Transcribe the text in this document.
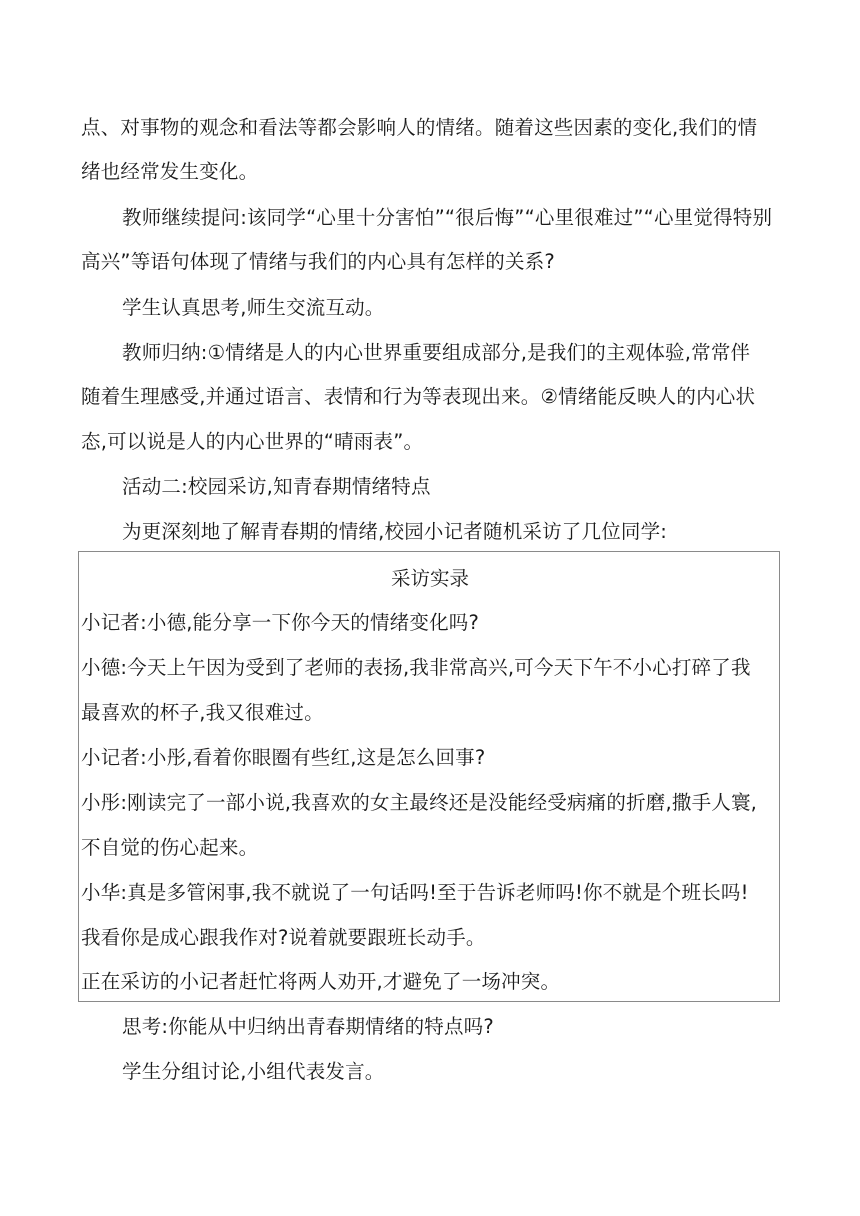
点、对事物的观念和看法等都会影响人的情绪。随着这些因素的变化,我们的情
绪也经常发生变化。
教师继续提问:该同学“心里十分害怕”“很后悔”“心里很难过”“心里觉得特别
高兴”等语句体现了情绪与我们的内心具有怎样的关系?
学生认真思考,师生交流互动。
教师归纳:①情绪是人的内心世界重要组成部分,是我们的主观体验,常常伴
随着生理感受,并通过语言、表情和行为等表现出来。②情绪能反映人的内心状
态,可以说是人的内心世界的“晴雨表”。
活动二:校园采访,知青春期情绪特点
为更深刻地了解青春期的情绪,校园小记者随机采访了几位同学:
采访实录
小记者:小德,能分享一下你今天的情绪变化吗?
小德:今天上午因为受到了老师的表扬,我非常高兴,可今天下午不小心打碎了我
最喜欢的杯子,我又很难过。
小记者:小彤,看着你眼圈有些红,这是怎么回事?
小彤:刚读完了一部小说,我喜欢的女主最终还是没能经受病痛的折磨,撒手人寰,
不自觉的伤心起来。
小华:真是多管闲事,我不就说了一句话吗!至于告诉老师吗!你不就是个班长吗!
我看你是成心跟我作对?说着就要跟班长动手。
正在采访的小记者赶忙将两人劝开,才避免了一场冲突。
思考:你能从中归纳出青春期情绪的特点吗?
学生分组讨论,小组代表发言。
